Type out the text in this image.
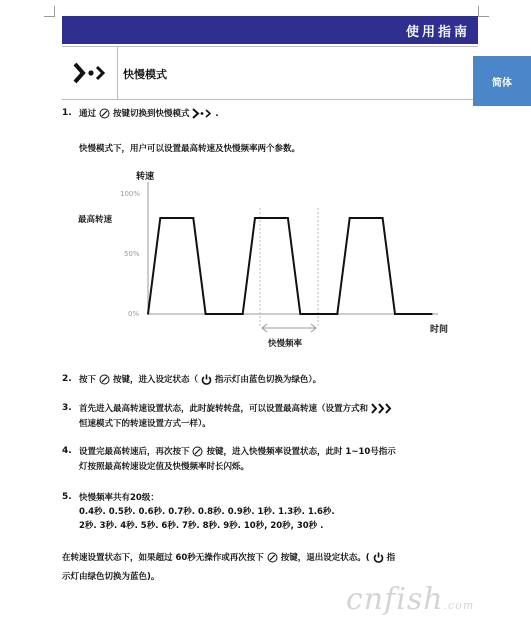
使用指南
快慢模式
简体
1. 通过 按键切换到快慢模式	.
快慢模式下，用户可以设置最高转速及快慢频率两个参数。
转速
100%
50%
0%
最高转速
快慢频率
时间
2. 按下 按键，进入设定状态（ 指示灯由蓝色切换为绿色）。
3. 首先进入最高转速设置状态，此时旋转转盘，可以设置最高转速（设置方式和
恒速模式下的转速设置方式一样）。
4. 设置完最高转速后，再次按下 按键，进入快慢频率设置状态，此时 1~10号指示
灯按照最高转速设定值及快慢频率时长闪烁。
5. 快慢频率共有20级：
0.4秒. 0.5秒. 0.6秒. 0.7秒. 0.8秒. 0.9秒. 1秒. 1.3秒. 1.6秒.
2秒. 3秒. 4秒. 5秒. 6秒. 7秒. 8秒. 9秒. 10秒, 20秒, 30秒 .
在转速设置状态下，如果超过 60秒无操作或再次按下 按键，退出设定状态。( 指
示灯由绿色切换为蓝色)。
cnfish.com
